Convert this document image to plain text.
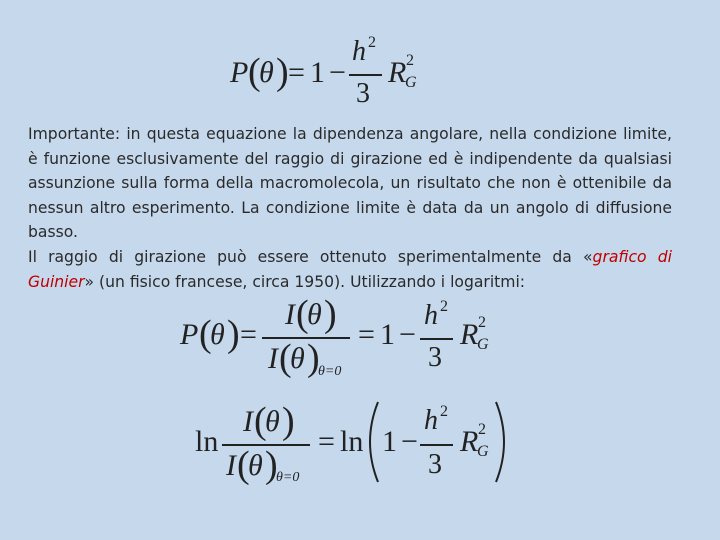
P (
θ ) = 1 −
h 2
3
R 2
G

Importante: in questa equazione la dipendenza angolare, nella condizione limite, è funzione esclusivamente del raggio di girazione ed è indipendente da qualsiasi assunzione sulla forma della macromolecola, un risultato che non è ottenibile da nessun altro esperimento. La condizione limite è data da un angolo di diffusione basso.

Il raggio di girazione può essere ottenuto sperimentalmente da «grafico di Guinier» (un fisico francese, circa 1950). Utilizzando i logaritmi:

P (
θ ) =
I (
θ )
I (
θ )
θ=0
= 1 −
h 2
3
R 2
G
ln
I (
θ )
I (
θ )
θ=0
= ln 1 −
h 2
3
R 2
G
